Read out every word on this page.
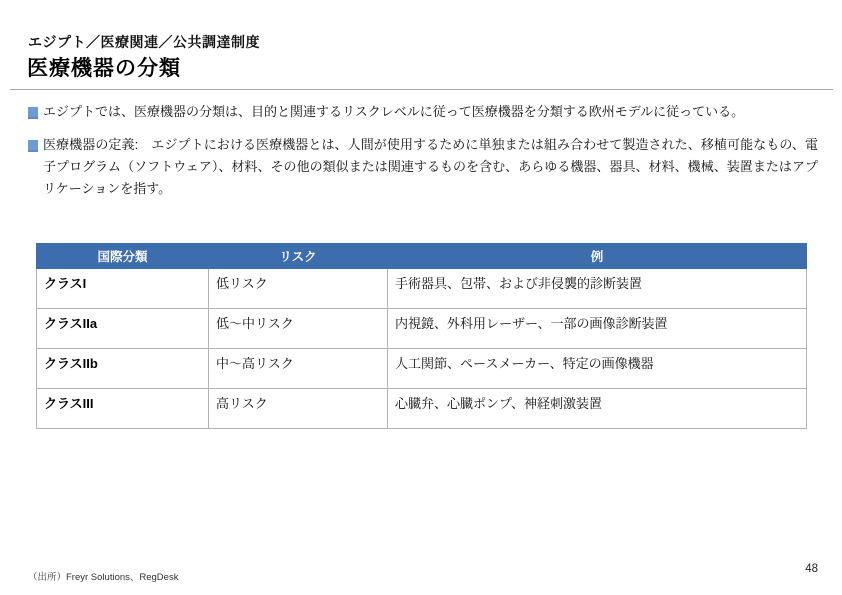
エジプト／医療関連／公共調達制度
医療機器の分類
エジプトでは、医療機器の分類は、目的と関連するリスクレベルに従って医療機器を分類する欧州モデルに従っている。
医療機器の定義:　エジプトにおける医療機器とは、人間が使用するために単独または組み合わせて製造された、移植可能なもの、電子プログラム（ソフトウェア）、材料、その他の類似または関連するものを含む、あらゆる機器、器具、材料、機械、装置またはアプリケーションを指す。
国際分類	リスク	例
クラスI	低リスク	手術器具、包帯、および非侵襲的診断装置
クラスIIa	低～中リスク	内視鏡、外科用レーザー、一部の画像診断装置
クラスIIb	中～高リスク	人工関節、ペースメーカー、特定の画像機器
クラスIII	高リスク	心臓弁、心臓ポンプ、神経刺激装置
（出所）Freyr Solutions、RegDesk
48
